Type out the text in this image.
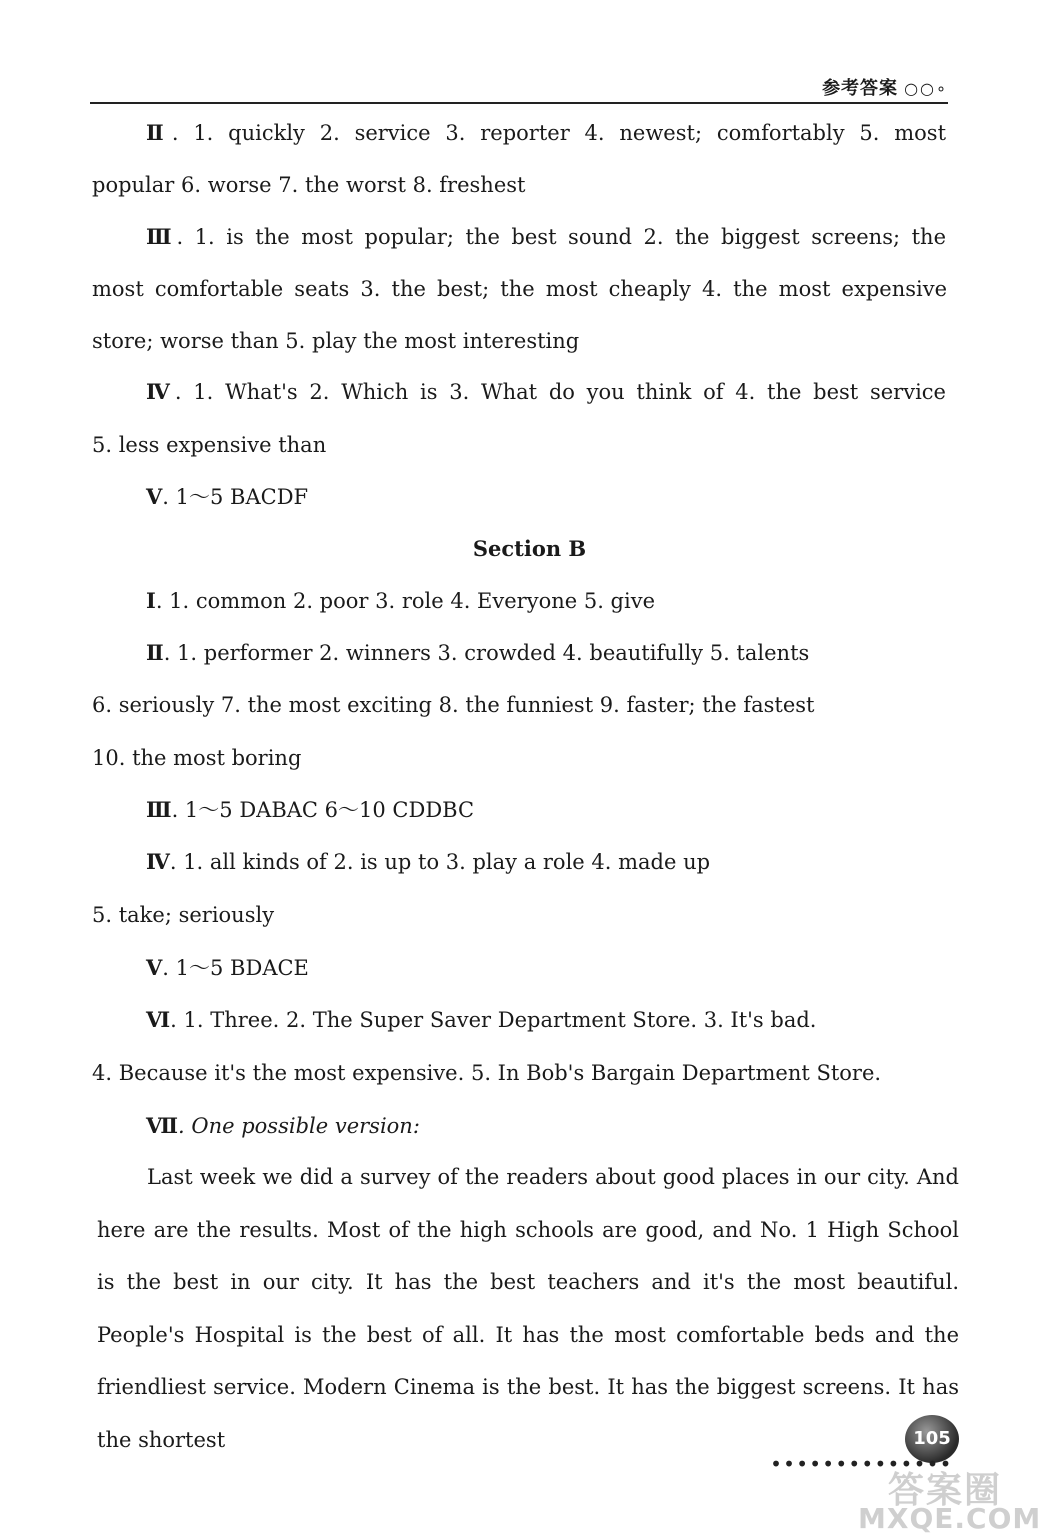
参考答案 ○○∘
Ⅱ. 1. quickly 2. service 3. reporter 4. newest; comfortably 5. most
popular 6. worse 7. the worst 8. freshest
Ⅲ. 1. is the most popular; the best sound 2. the biggest screens; the
most comfortable seats 3. the best; the most cheaply 4. the most expensive
store; worse than 5. play the most interesting
Ⅳ. 1. What's 2. Which is 3. What do you think of 4. the best service
5. less expensive than
Ⅴ. 1～5 BACDF
Section B
Ⅰ. 1. common 2. poor 3. role 4. Everyone 5. give
Ⅱ. 1. performer 2. winners 3. crowded 4. beautifully 5. talents
6. seriously 7. the most exciting 8. the funniest 9. faster; the fastest
10. the most boring
Ⅲ. 1～5 DABAC 6～10 CDDBC
Ⅳ. 1. all kinds of 2. is up to 3. play a role 4. made up
5. take; seriously
Ⅴ. 1～5 BDACE
Ⅵ. 1. Three. 2. The Super Saver Department Store. 3. It's bad.
4. Because it's the most expensive. 5. In Bob's Bargain Department Store.
Ⅶ. One possible version:
Last week we did a survey of the readers about good places in our city. And here are the results. Most of the high schools are good, and No. 1 High School is the best in our city. It has the best teachers and it's the most beautiful. People's Hospital is the best of all. It has the most comfortable beds and the friendliest service. Modern Cinema is the best. It has the biggest screens. It has the shortest	105
••••••••••••••
答案圈
MXQE.COM
